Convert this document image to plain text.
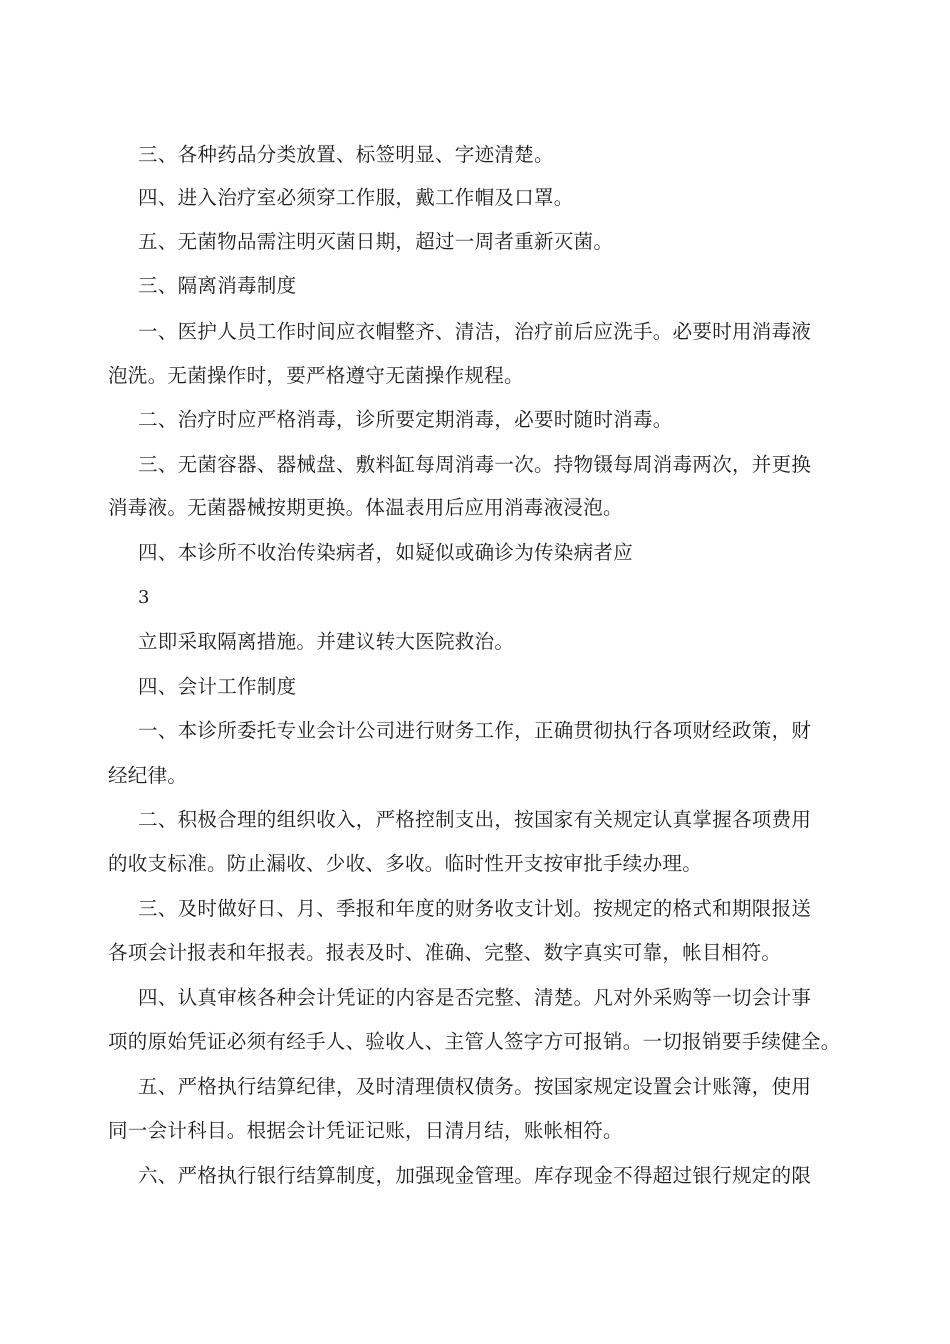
三、各种药品分类放置、标签明显、字迹清楚。
四、进入治疗室必须穿工作服，戴工作帽及口罩。
五、无菌物品需注明灭菌日期，超过一周者重新灭菌。
三、隔离消毒制度
一、医护人员工作时间应衣帽整齐、清洁，治疗前后应洗手。必要时用消毒液
泡洗。无菌操作时，要严格遵守无菌操作规程。
二、治疗时应严格消毒，诊所要定期消毒，必要时随时消毒。
三、无菌容器、器械盘、敷料缸每周消毒一次。持物镊每周消毒两次，并更换
消毒液。无菌器械按期更换。体温表用后应用消毒液浸泡。
四、本诊所不收治传染病者，如疑似或确诊为传染病者应
3
立即采取隔离措施。并建议转大医院救治。
四、会计工作制度
一、本诊所委托专业会计公司进行财务工作，正确贯彻执行各项财经政策，财
经纪律。
二、积极合理的组织收入，严格控制支出，按国家有关规定认真掌握各项费用
的收支标准。防止漏收、少收、多收。临时性开支按审批手续办理。
三、及时做好日、月、季报和年度的财务收支计划。按规定的格式和期限报送
各项会计报表和年报表。报表及时、准确、完整、数字真实可靠，帐目相符。
四、认真审核各种会计凭证的内容是否完整、清楚。凡对外采购等一切会计事
项的原始凭证必须有经手人、验收人、主管人签字方可报销。一切报销要手续健全。
五、严格执行结算纪律，及时清理债权债务。按国家规定设置会计账簿，使用
同一会计科目。根据会计凭证记账，日清月结，账帐相符。
六、严格执行银行结算制度，加强现金管理。库存现金不得超过银行规定的限
